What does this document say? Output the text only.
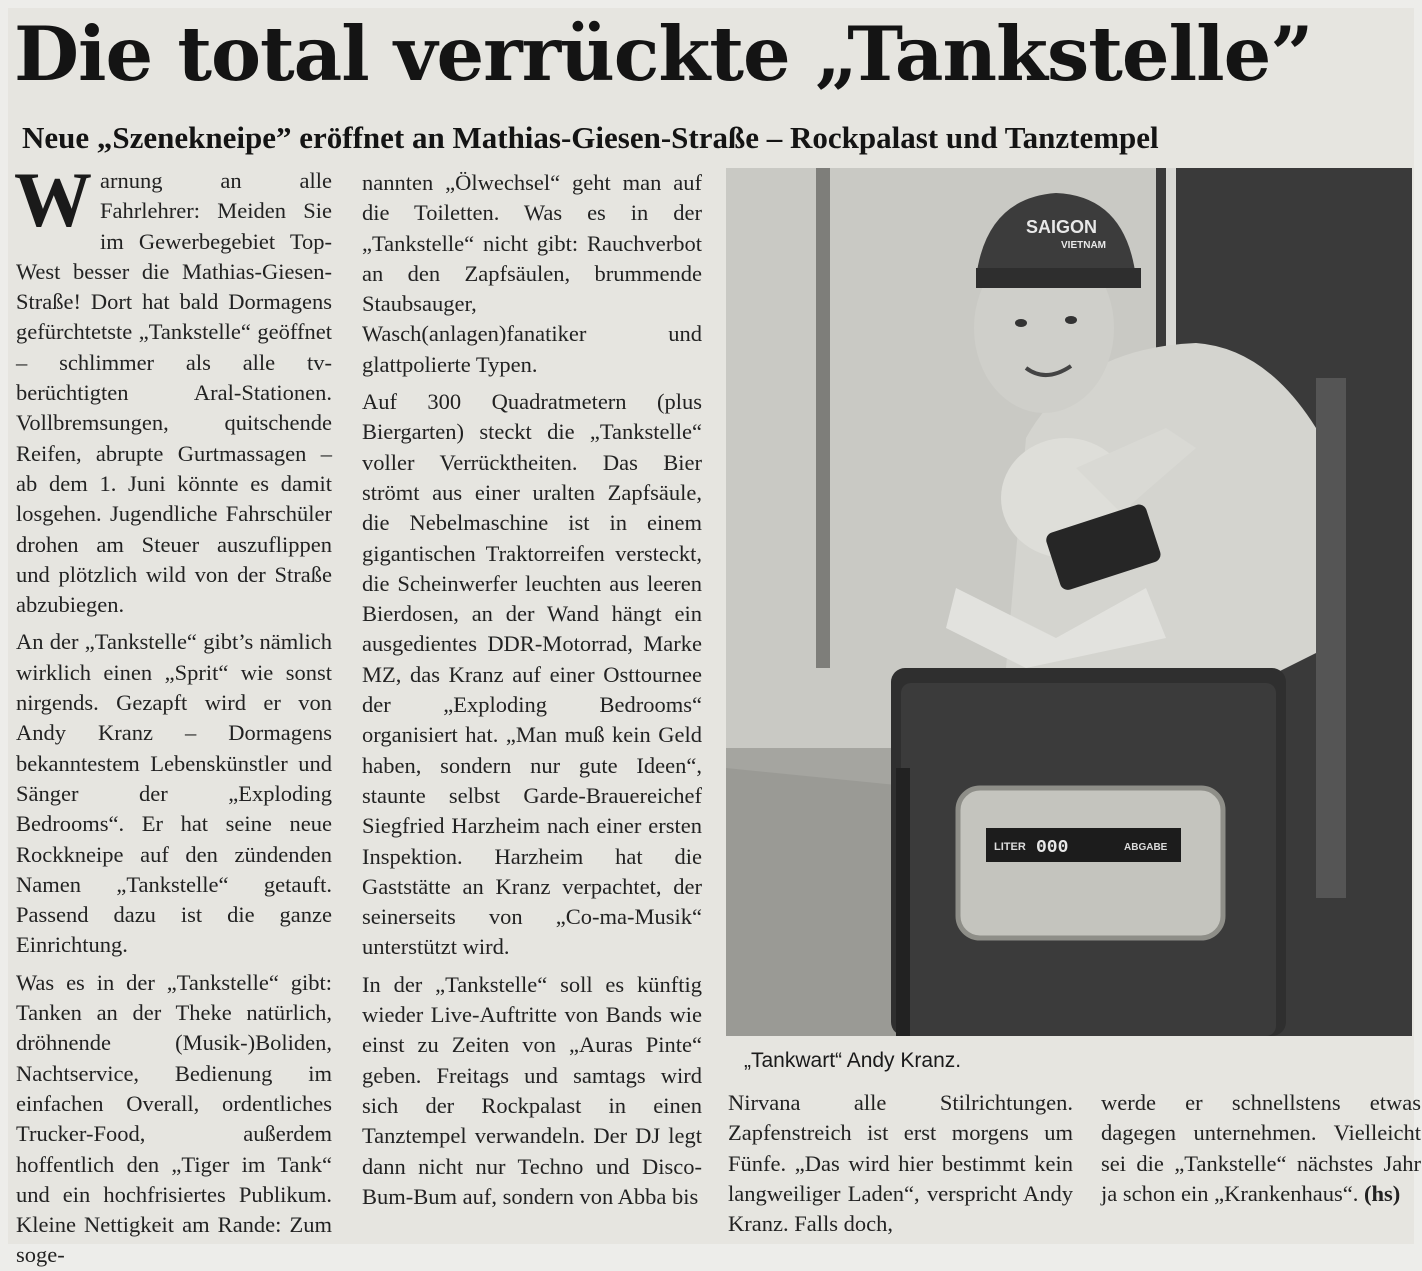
Die total verrückte „Tankstelle”
Neue „Szenekneipe” eröffnet an Mathias-Giesen-Straße – Rockpalast und Tanztempel

Warnung an alle Fahrlehrer: Meiden Sie im Gewerbegebiet Top-West besser die Mathias-Giesen-Straße! Dort hat bald Dormagens gefürchtetste „Tankstelle“ geöffnet – schlimmer als alle tv-berüchtigten Aral-Stationen. Vollbremsungen, quitschende Reifen, abrupte Gurtmassagen – ab dem 1. Juni könnte es damit losgehen. Jugendliche Fahrschüler drohen am Steuer auszuflippen und plötzlich wild von der Straße abzubiegen.

An der „Tankstelle“ gibt’s nämlich wirklich einen „Sprit“ wie sonst nirgends. Gezapft wird er von Andy Kranz – Dormagens bekanntestem Lebenskünstler und Sänger der „Exploding Bedrooms“. Er hat seine neue Rockkneipe auf den zündenden Namen „Tankstelle“ getauft. Passend dazu ist die ganze Einrichtung.

Was es in der „Tankstelle“ gibt: Tanken an der Theke natürlich, dröhnende (Musik-)Boliden, Nachtservice, Bedienung im einfachen Overall, ordentliches Trucker-Food, außerdem hoffentlich den „Tiger im Tank“ und ein hochfrisiertes Publikum. Kleine Nettigkeit am Rande: Zum soge-

nannten „Ölwechsel“ geht man auf die Toiletten. Was es in der „Tankstelle“ nicht gibt: Rauchverbot an den Zapfsäulen, brummende Staubsauger, Wasch(anlagen)fanatiker und glattpolierte Typen.

Auf 300 Quadratmetern (plus Biergarten) steckt die „Tankstelle“ voller Verrücktheiten. Das Bier strömt aus einer uralten Zapfsäule, die Nebelmaschine ist in einem gigantischen Traktorreifen versteckt, die Scheinwerfer leuchten aus leeren Bierdosen, an der Wand hängt ein ausgedientes DDR-Motorrad, Marke MZ, das Kranz auf einer Osttournee der „Exploding Bedrooms“ organisiert hat. „Man muß kein Geld haben, sondern nur gute Ideen“, staunte selbst Garde-Brauereichef Siegfried Harzheim nach einer ersten Inspektion. Harzheim hat die Gaststätte an Kranz verpachtet, der seinerseits von „Co-ma-Musik“ unterstützt wird.

In der „Tankstelle“ soll es künftig wieder Live-Auftritte von Bands wie einst zu Zeiten von „Auras Pinte“ geben. Freitags und samtags wird sich der Rockpalast in einen Tanztempel verwandeln. Der DJ legt dann nicht nur Techno und Disco-Bum-Bum auf, sondern von Abba bis

SAIGON
VIETNAM
LITER 000	ABGABE
„Tankwart“ Andy Kranz.

Nirvana alle Stilrichtungen. Zapfenstreich ist erst morgens um Fünfe. „Das wird hier bestimmt kein langweiliger Laden“, verspricht Andy Kranz. Falls doch,

werde er schnellstens etwas dagegen unternehmen. Vielleicht sei die „Tankstelle“ nächstes Jahr ja schon ein „Krankenhaus“. (hs)
